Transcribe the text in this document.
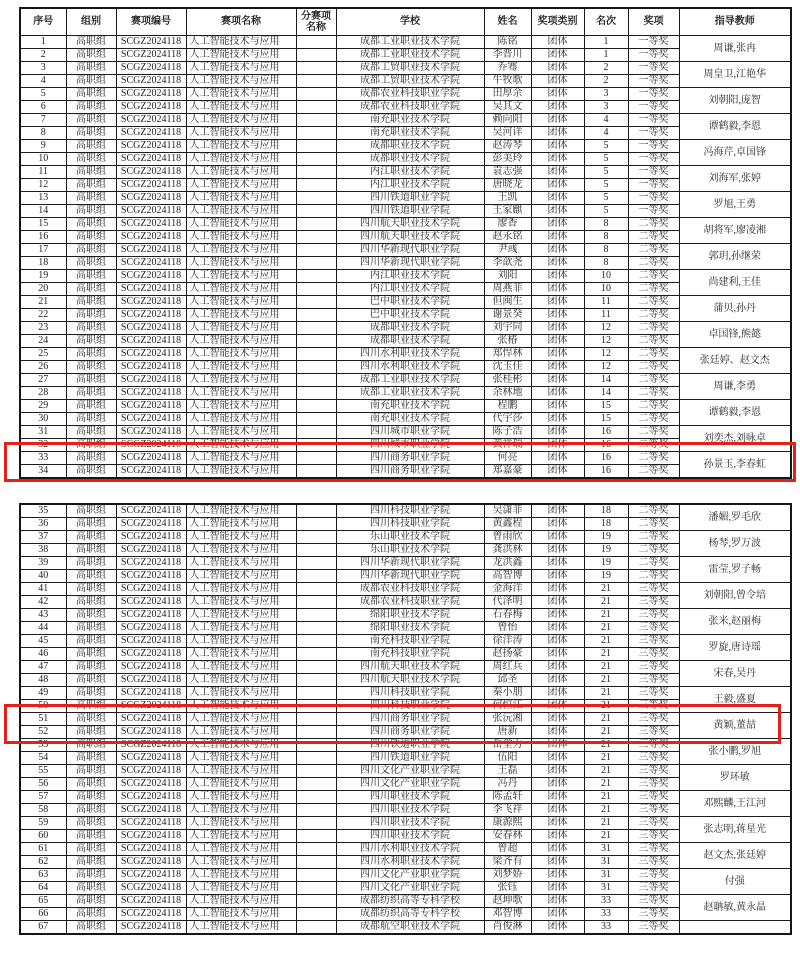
序号	组别	赛项编号	赛项名称	分赛项名称	学校	姓名	奖项类别	名次	奖项	指导教师
1	高职组	SCGZ2024118	人工智能技术与应用		成都工业职业技术学院	陈铭	团体	1	一等奖	周谦,张冉
2	高职组	SCGZ2024118	人工智能技术与应用		成都工业职业技术学院	李晋川	团体	1	一等奖	
3	高职组	SCGZ2024118	人工智能技术与应用		成都工贸职业技术学院	乔骞	团体	2	一等奖	周皇卫,江艳华
4	高职组	SCGZ2024118	人工智能技术与应用		成都工贸职业技术学院	牛牧歌	团体	2	一等奖	
5	高职组	SCGZ2024118	人工智能技术与应用		成都农业科技职业学院	田厚余	团体	3	一等奖	刘朝阳,庞智
6	高职组	SCGZ2024118	人工智能技术与应用		成都农业科技职业学院	吴其文	团体	3	一等奖	
7	高职组	SCGZ2024118	人工智能技术与应用		南充职业技术学院	赖向阳	团体	4	一等奖	谭鹤毅,李恩
8	高职组	SCGZ2024118	人工智能技术与应用		南充职业技术学院	吴河详	团体	4	一等奖	
9	高职组	SCGZ2024118	人工智能技术与应用		成都职业技术学院	赵涛琴	团体	5	一等奖	冯海芹,卓国锋
10	高职组	SCGZ2024118	人工智能技术与应用		成都职业技术学院	彭美玲	团体	5	一等奖	
11	高职组	SCGZ2024118	人工智能技术与应用		内江职业技术学院	袁志强	团体	5	一等奖	刘海军,张婷
12	高职组	SCGZ2024118	人工智能技术与应用		内江职业技术学院	唐晓龙	团体	5	一等奖	
13	高职组	SCGZ2024118	人工智能技术与应用		四川铁道职业学院	王凯	团体	5	一等奖	罗旭,王勇
14	高职组	SCGZ2024118	人工智能技术与应用		四川铁道职业学院	王家麒	团体	5	一等奖	
15	高职组	SCGZ2024118	人工智能技术与应用		四川航天职业技术学院	廖香	团体	8	二等奖	胡将军,廖凌湘
16	高职组	SCGZ2024118	人工智能技术与应用		四川航天职业技术学院	赵永铭	团体	8	二等奖	
17	高职组	SCGZ2024118	人工智能技术与应用		四川华新现代职业学院	尹彧	团体	8	二等奖	郭玥,孙继荣
18	高职组	SCGZ2024118	人工智能技术与应用		四川华新现代职业学院	李歆尧	团体	8	二等奖	
19	高职组	SCGZ2024118	人工智能技术与应用		内江职业技术学院	刘阳	团体	10	二等奖	尚建利,王佳
20	高职组	SCGZ2024118	人工智能技术与应用		内江职业技术学院	周燕菲	团体	10	二等奖	
21	高职组	SCGZ2024118	人工智能技术与应用		巴中职业技术学院	但闽生	团体	11	二等奖	蒲贝,孙丹
22	高职组	SCGZ2024118	人工智能技术与应用		巴中职业技术学院	谢景癸	团体	11	二等奖	
23	高职组	SCGZ2024118	人工智能技术与应用		成都职业技术学院	刘宇同	团体	12	二等奖	卓国锋,熊懿
24	高职组	SCGZ2024118	人工智能技术与应用		成都职业技术学院	张椿	团体	12	二等奖	
25	高职组	SCGZ2024118	人工智能技术与应用		四川水利职业技术学院	郑悍林	团体	12	二等奖	张廷婷、赵文杰
26	高职组	SCGZ2024118	人工智能技术与应用		四川水利职业技术学院	沈玉佳	团体	12	二等奖	
27	高职组	SCGZ2024118	人工智能技术与应用		成都工业职业技术学院	张桂彬	团体	14	二等奖	周谦,李勇
28	高职组	SCGZ2024118	人工智能技术与应用		成都工业职业技术学院	余林地	团体	14	二等奖	
29	高职组	SCGZ2024118	人工智能技术与应用		南充职业技术学院	程鹏	团体	15	二等奖	谭鹤毅,李恩
30	高职组	SCGZ2024118	人工智能技术与应用		南充职业技术学院	代宇莎	团体	15	二等奖	
31	高职组	SCGZ2024118	人工智能技术与应用		四川城市职业学院	陈子浩	团体	16	二等奖	刘奕杰,刘咏卓
32	高职组	SCGZ2024118	人工智能技术与应用		四川城市职业学院	黄祥瑞	团体	16	二等奖	
33	高职组	SCGZ2024118	人工智能技术与应用		四川商务职业学院	何亮	团体	16	二等奖	孙景玉,李春虹
34	高职组	SCGZ2024118	人工智能技术与应用		四川商务职业学院	郑嘉豪	团体	16	二等奖	
35	高职组	SCGZ2024118	人工智能技术与应用		四川科技职业学院	吴潇菲	团体	18	二等奖	潘媚,罗毛欣
36	高职组	SCGZ2024118	人工智能技术与应用		四川科技职业学院	黄鑫程	团体	18	二等奖	
37	高职组	SCGZ2024118	人工智能技术与应用		乐山职业技术学院	曾雨欣	团体	19	二等奖	杨琴,罗万波
38	高职组	SCGZ2024118	人工智能技术与应用		乐山职业技术学院	龚洪林	团体	19	二等奖	
39	高职组	SCGZ2024118	人工智能技术与应用		四川华新现代职业学院	龙洪鑫	团体	19	二等奖	雷莹,罗子畅
40	高职组	SCGZ2024118	人工智能技术与应用		四川华新现代职业学院	高智博	团体	19	二等奖	
41	高职组	SCGZ2024118	人工智能技术与应用		成都农业科技职业学院	金海洋	团体	21	三等奖	刘朝阳,曾令培
42	高职组	SCGZ2024118	人工智能技术与应用		成都农业科技职业学院	代泽明	团体	21	三等奖	
43	高职组	SCGZ2024118	人工智能技术与应用		绵阳职业技术学院	石春梅	团体	21	三等奖	张米,赵丽梅
44	高职组	SCGZ2024118	人工智能技术与应用		绵阳职业技术学院	曾怡	团体	21	三等奖	
45	高职组	SCGZ2024118	人工智能技术与应用		南充科技职业学院	徐洋涛	团体	21	三等奖	罗旋,唐诗瑶
46	高职组	SCGZ2024118	人工智能技术与应用		南充科技职业学院	赵扬豪	团体	21	三等奖	
47	高职组	SCGZ2024118	人工智能技术与应用		四川航天职业技术学院	周红兵	团体	21	三等奖	宋春,吴丹
48	高职组	SCGZ2024118	人工智能技术与应用		四川航天职业技术学院	邱圣	团体	21	三等奖	
49	高职组	SCGZ2024118	人工智能技术与应用		四川科技职业学院	秦小朋	团体	21	三等奖	王毅,盛夏
50	高职组	SCGZ2024118	人工智能技术与应用		四川科技职业学院	何恒江	团体	21	三等奖	
51	高职组	SCGZ2024118	人工智能技术与应用		四川商务职业学院	张沅湘	团体	21	三等奖	黄颖,董喆
52	高职组	SCGZ2024118	人工智能技术与应用		四川商务职业学院	唐新	团体	21	三等奖	
53	高职组	SCGZ2024118	人工智能技术与应用		四川铁道职业学院	岳堂力	团体	21	三等奖	张小鹏,罗旭
54	高职组	SCGZ2024118	人工智能技术与应用		四川铁道职业学院	伍阳	团体	21	三等奖	
55	高职组	SCGZ2024118	人工智能技术与应用		四川文化产业职业学院	王磊	团体	21	三等奖	罗环敏
56	高职组	SCGZ2024118	人工智能技术与应用		四川文化产业职业学院	冯丹	团体	21	三等奖	
57	高职组	SCGZ2024118	人工智能技术与应用		四川职业技术学院	陈孟轩	团体	21	三等奖	邓熙麟,王江河
58	高职组	SCGZ2024118	人工智能技术与应用		四川职业技术学院	李飞祥	团体	21	三等奖	
59	高职组	SCGZ2024118	人工智能技术与应用		四川职业技术学院	康源熙	团体	21	三等奖	张志明,蒋星光
60	高职组	SCGZ2024118	人工智能技术与应用		四川职业技术学院	安春林	团体	21	三等奖	
61	高职组	SCGZ2024118	人工智能技术与应用		四川水利职业技术学院	曾超	团体	31	三等奖	赵文杰,张廷婷
62	高职组	SCGZ2024118	人工智能技术与应用		四川水利职业技术学院	梁齐有	团体	31	三等奖	
63	高职组	SCGZ2024118	人工智能技术与应用		四川文化产业职业学院	刘梦娇	团体	31	三等奖	付强
64	高职组	SCGZ2024118	人工智能技术与应用		四川文化产业职业学院	张钰	团体	31	三等奖	
65	高职组	SCGZ2024118	人工智能技术与应用		成都纺织高等专科学校	赵坤歌	团体	33	三等奖	赵聃敏,黄永晶
66	高职组	SCGZ2024118	人工智能技术与应用		成都纺织高等专科学校	邓智博	团体	33	三等奖	
67	高职组	SCGZ2024118	人工智能技术与应用		成都航空职业技术学院	肖俊淋	团体	33	三等奖	
